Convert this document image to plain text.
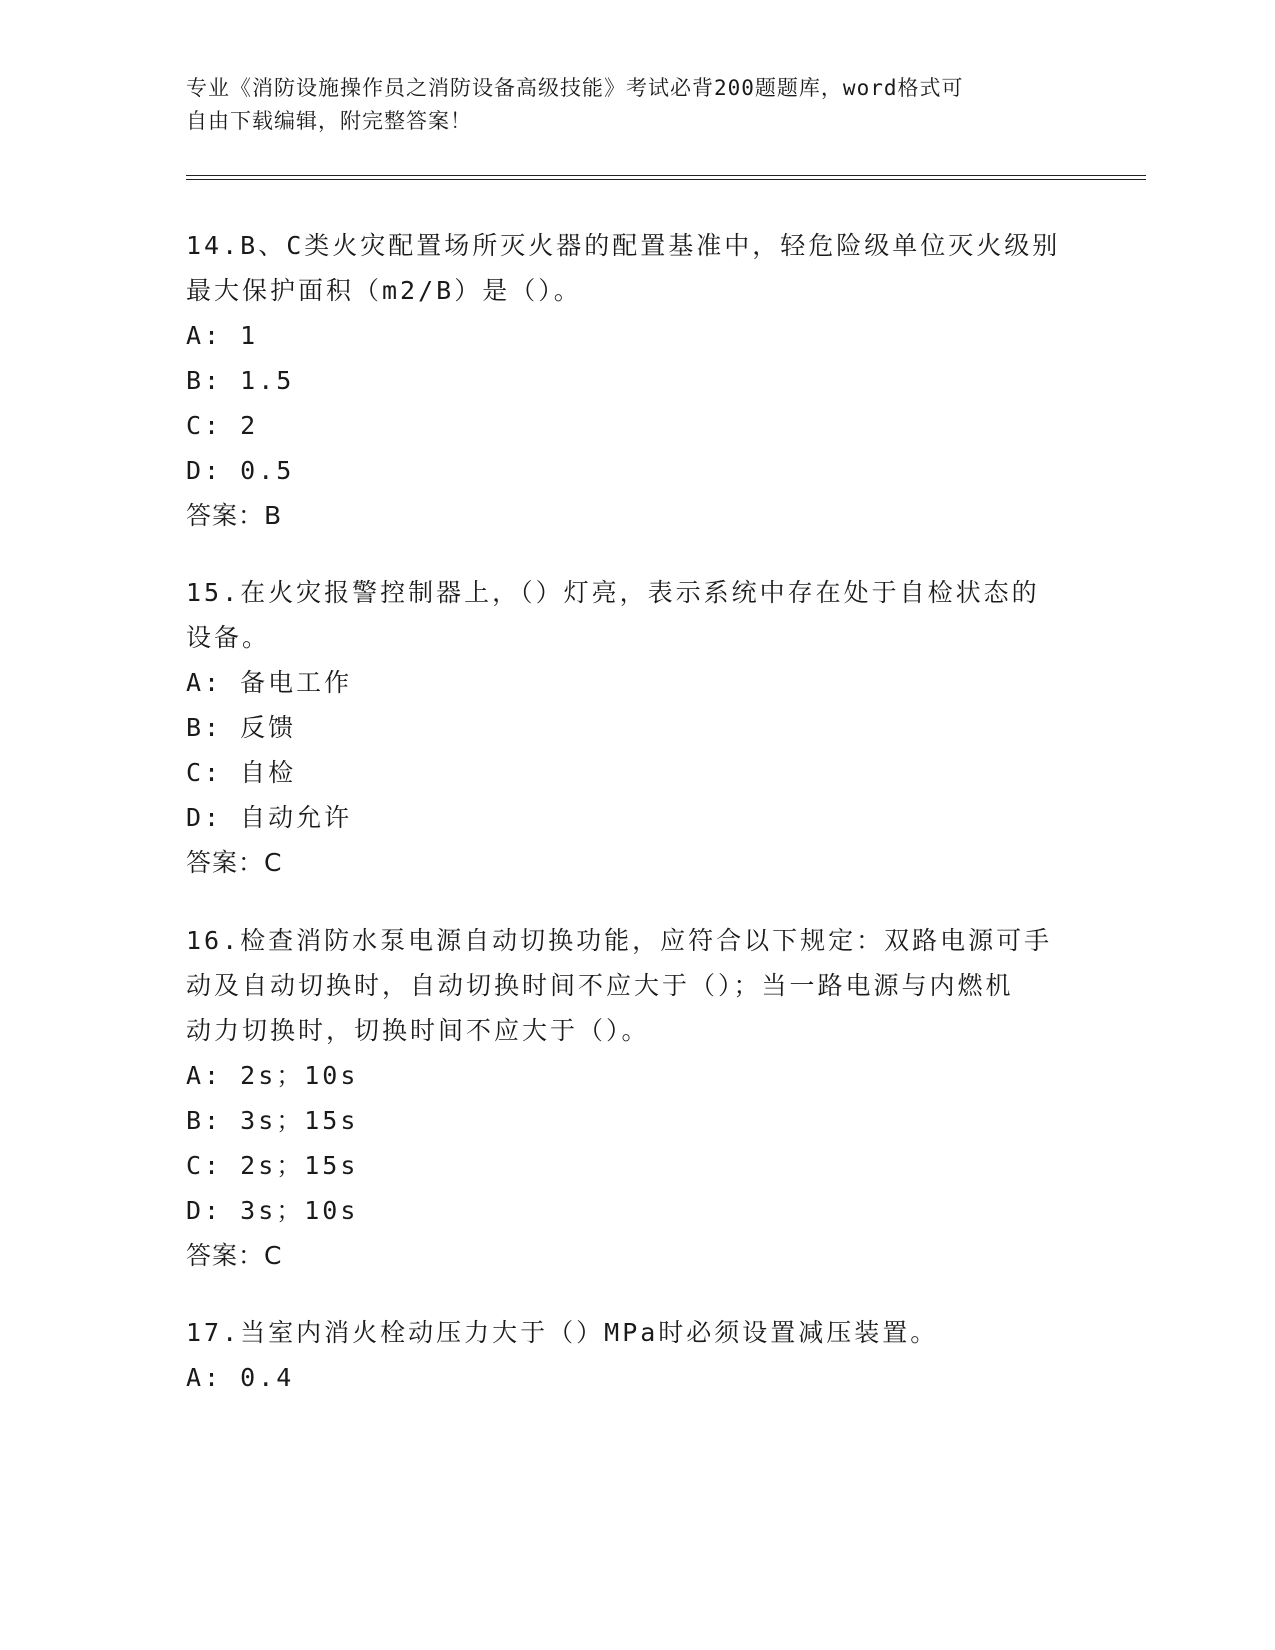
专业《消防设施操作员之消防设备高级技能》考试必背200题题库，word格式可
自由下载编辑，附完整答案！

14.B、C类火灾配置场所灭火器的配置基准中，轻危险级单位灭火级别

最大保护面积（m2/B）是（）。

A: 1

B: 1.5

C: 2

D: 0.5

答案：B

15.在火灾报警控制器上，（）灯亮，表示系统中存在处于自检状态的

设备。

A: 备电工作

B: 反馈

C: 自检

D: 自动允许

答案：C

16.检查消防水泵电源自动切换功能，应符合以下规定：双路电源可手

动及自动切换时，自动切换时间不应大于（）；当一路电源与内燃机

动力切换时，切换时间不应大于（）。

A: 2s；10s

B: 3s；15s

C: 2s；15s

D: 3s；10s

答案：C

17.当室内消火栓动压力大于（）MPa时必须设置减压装置。

A: 0.4
